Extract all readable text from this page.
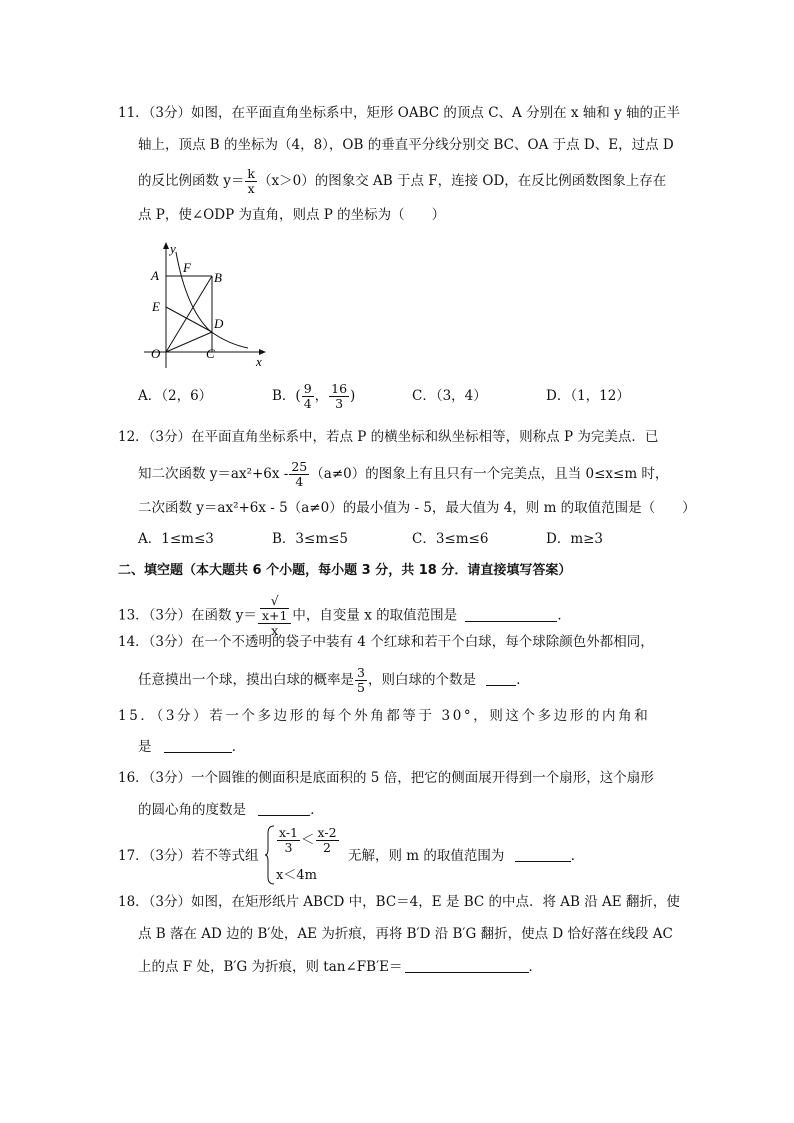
11．（3分）如图，在平面直角坐标系中，矩形 OABC 的顶点 C、A 分别在 x 轴和 y 轴的正半
轴上，顶点 B 的坐标为（4，8），OB 的垂直平分线分别交 BC、OA 于点 D、E，过点 D
的反比例函数 $y= \frac{k}{x} (x>0)$的图象交 AB 于点 F，连接 OD，在反比例函数图象上存在
点 P，使∠ODP 为直角，则点 P 的坐标为（　　）
y
x
A
F
B
E
D
O	C
A．（2，6）	B．( $\frac{9}{4}$ ， $\frac{16}{3}$ )	C．（3，4）	D．（1，12）
12．（3分）在平面直角坐标系中，若点 P 的横坐标和纵坐标相等，则称点 P 为完美点．已
知二次函数 $y=ax^2+6x - \frac{25}{4} (a\ne 0)$的图象上有且只有一个完美点，且当 0≤x≤m 时，
二次函数 y＝ax²+6x - 5（a≠0）的最小值为 - 5，最大值为 4，则 m 的取值范围是（　　）
A．1≤m≤3	B．3≤m≤5	C．3≤m≤6	D．m≥3
二、填空题（本大题共 6 个小题，每小题 3 分，共 18 分．请直接填写答案）
13．（3分）在函数 y＝ √
x+1
x 中，自变量 x 的取值范围是	．
14．（3分）在一个不透明的袋子中装有 4 个红球和若干个白球，每个球除颜色外都相同，
任意摸出一个球，摸出白球的概率是 $\frac{3}{5}$ ，则白球的个数是	．
15．（3分）若一个多边形的每个外角都等于 30°，则这个多边形的内角和
是	．
16．（3分）一个圆锥的侧面积是底面积的 5 倍，把它的侧面展开得到一个扇形，这个扇形
的圆心角的度数是	．
17．（3分）若不等式组
$\frac{x-1}{3} < \frac{x-2}{2}$
x＜4m
无解，则 m 的取值范围为	．
18．（3分）如图，在矩形纸片 ABCD 中，BC＝4，E 是 BC 的中点．将 AB 沿 AE 翻折，使
点 B 落在 AD 边的 B′处，AE 为折痕，再将 B′D 沿 B′G 翻折，使点 D 恰好落在线段 AC
上的点 F 处，B′G 为折痕，则 tan∠FB′E＝	．
